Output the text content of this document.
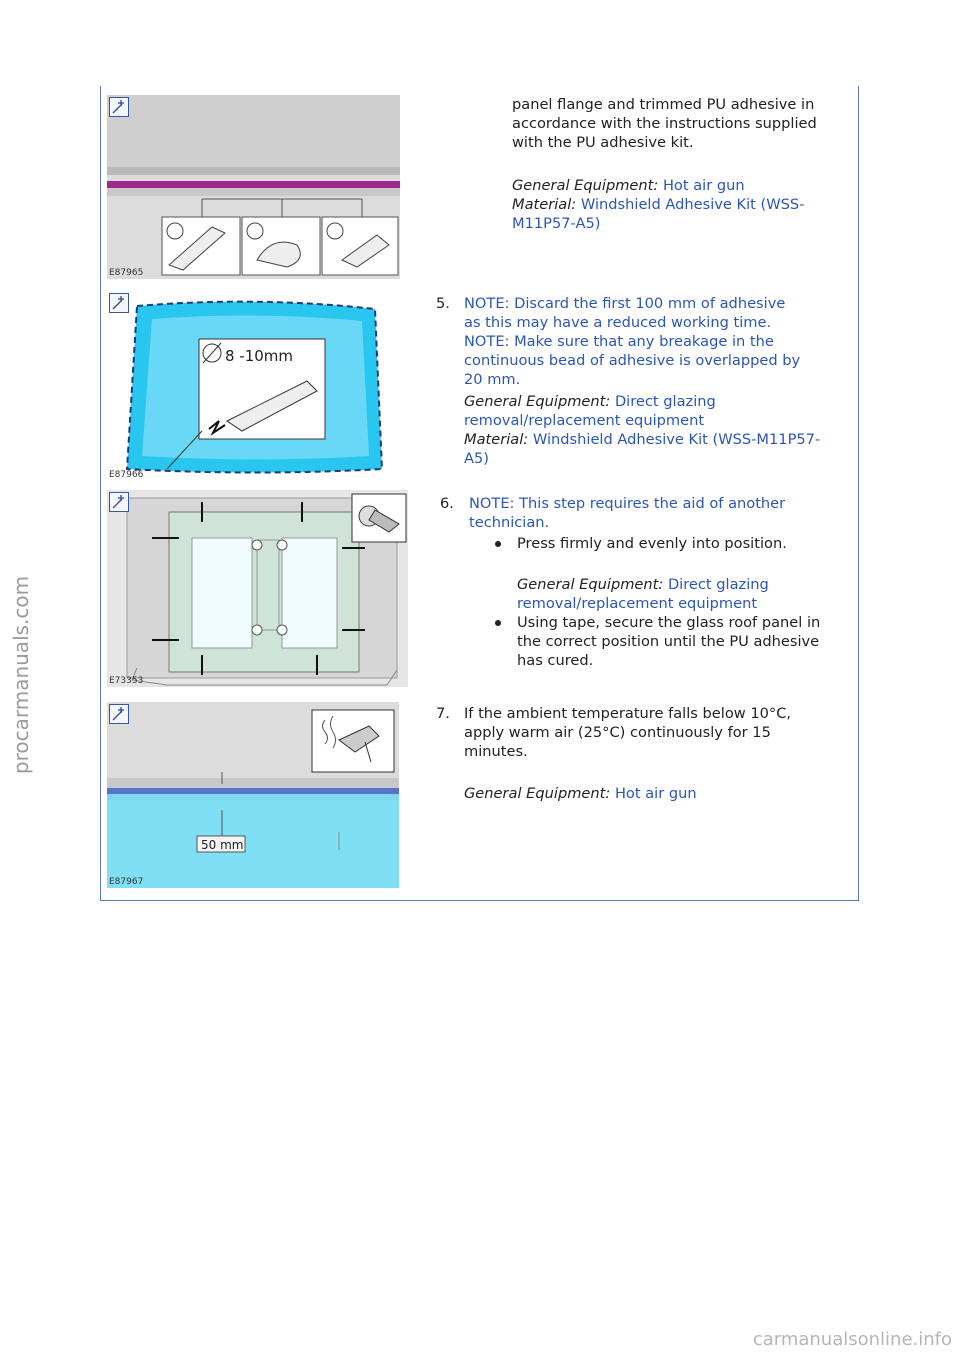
procarmanuals.com
carmanualsonline.info
E87965
panel flange and trimmed PU adhesive in
accordance with the instructions supplied
with the PU adhesive kit.
General Equipment: Hot air gun
Material: Windshield Adhesive Kit (WSS-
M11P57-A5)
8 -10mm
E87966
5. NOTE: Discard the first 100 mm of adhesive
as this may have a reduced working time.
NOTE: Make sure that any breakage in the
continuous bead of adhesive is overlapped by
20 mm.
General Equipment: Direct glazing
removal/replacement equipment
Material: Windshield Adhesive Kit (WSS-M11P57-
A5)
E73353
6. NOTE: This step requires the aid of another
technician.
Press firmly and evenly into position.
General Equipment: Direct glazing
removal/replacement equipment
Using tape, secure the glass roof panel in
the correct position until the PU adhesive
has cured.
50 mm
E87967
7. If the ambient temperature falls below 10°C,
apply warm air (25°C) continuously for 15
minutes.
General Equipment: Hot air gun
